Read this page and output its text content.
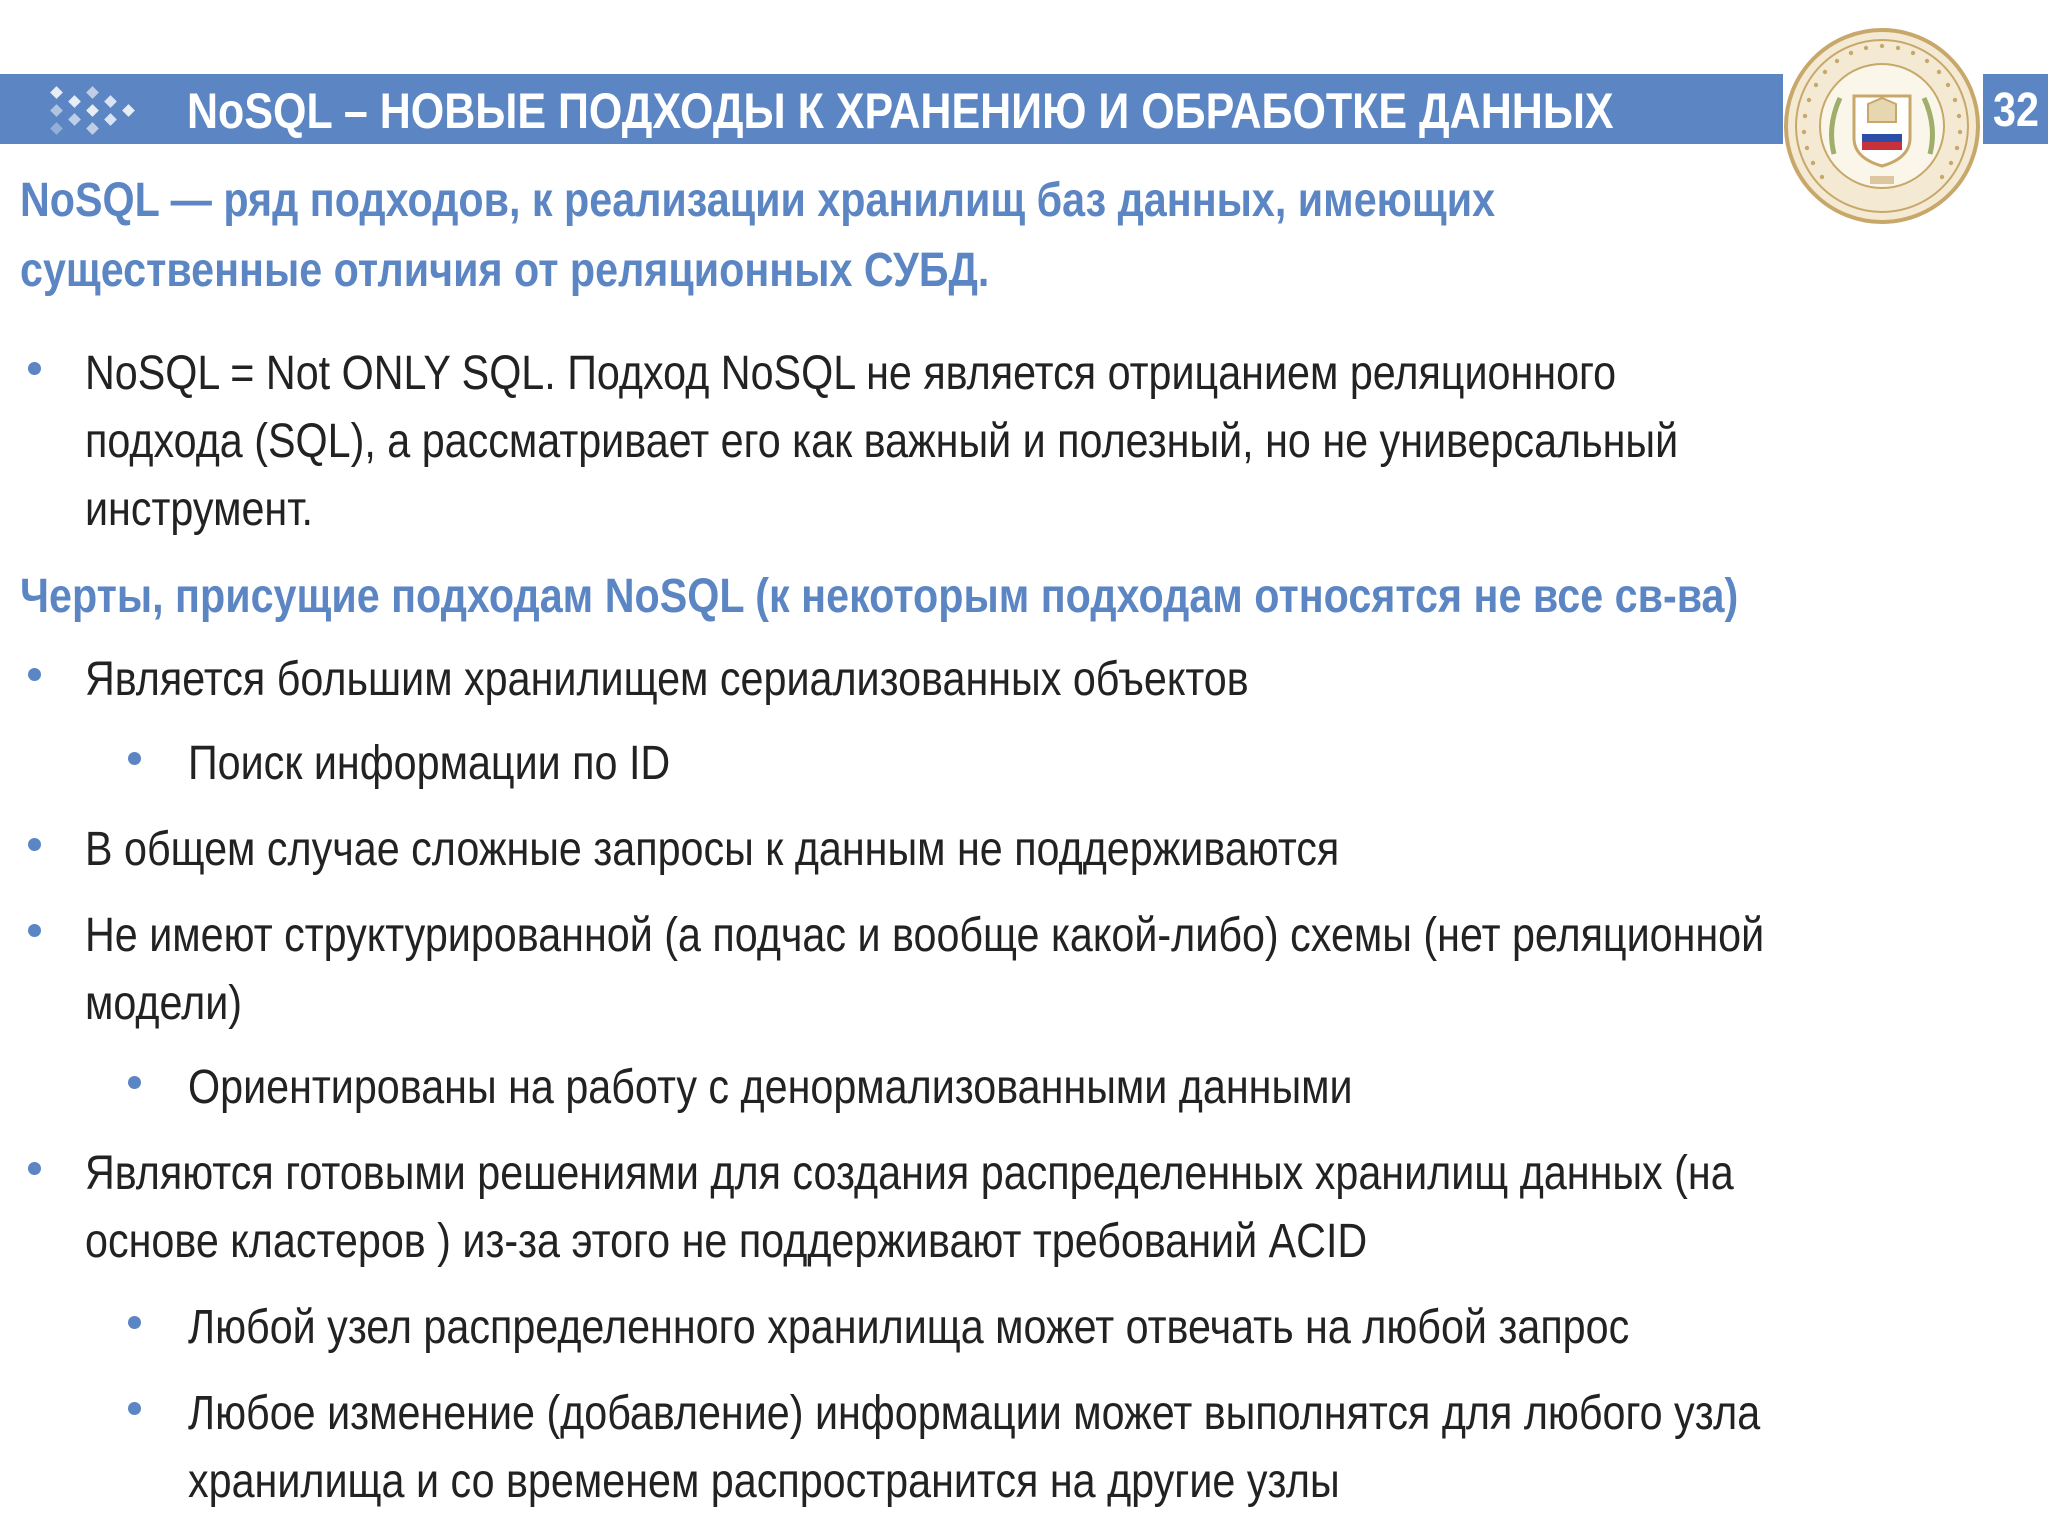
NoSQL – НОВЫЕ ПОДХОДЫ К ХРАНЕНИЮ И ОБРАБОТКЕ ДАННЫХ	32
NoSQL — ряд подходов, к реализации хранилищ баз данных, имеющих
существенные отличия от реляционных СУБД.
NoSQL = Not ONLY SQL. Подход NoSQL не является отрицанием реляционного
подхода (SQL), а рассматривает его как важный и полезный, но не универсальный
инструмент.
Черты, присущие подходам NoSQL (к некоторым подходам относятся не все св-ва)
Является большим хранилищем сериализованных объектов
Поиск информации по ID
В общем случае сложные запросы к данным не поддерживаются
Не имеют структурированной (а подчас и вообще какой-либо) схемы (нет реляционной
модели)
Ориентированы на работу с денормализованными данными
Являются готовыми решениями для создания распределенных хранилищ данных (на
основе кластеров ) из-за этого не поддерживают требований ACID
Любой узел распределенного хранилища может отвечать на любой запрос
Любое изменение (добавление) информации может выполнятся для любого узла
хранилища и со временем распространится на другие узлы
